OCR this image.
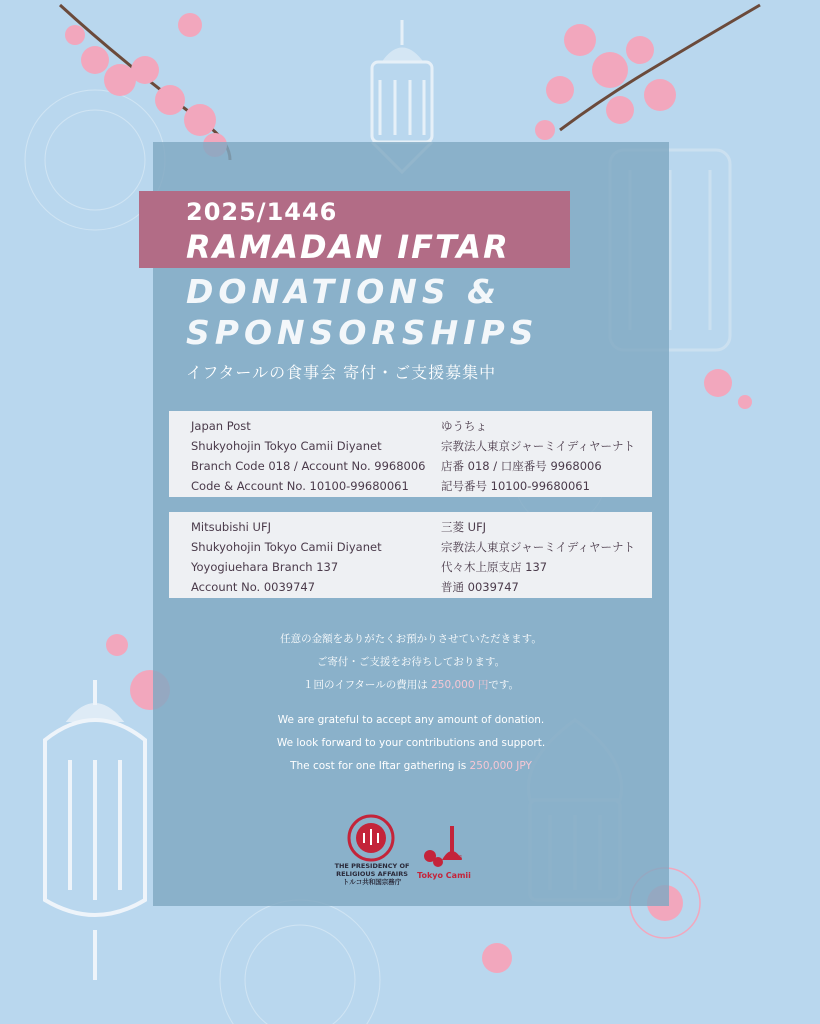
2025/1446
RAMADAN IFTAR
DONATIONS &
SPONSORSHIPS
イフタールの食事会 寄付・ご支援募集中
Japan Post
Shukyohojin Tokyo Camii Diyanet
Branch Code 018 / Account No. 9968006
Code & Account No. 10100-99680061
ゆうちょ
宗教法人東京ジャーミイディヤーナト
店番 018 / 口座番号 9968006
記号番号 10100-99680061
Mitsubishi UFJ
Shukyohojin Tokyo Camii Diyanet
Yoyogiuehara Branch 137
Account No. 0039747
三菱 UFJ
宗教法人東京ジャーミイディヤーナト
代々木上原支店 137
普通 0039747
任意の金額をありがたくお預かりさせていただきます。
ご寄付・ご支援をお待ちしております。
１回のイフタールの費用は 250,000 円です。
We are grateful to accept any amount of donation.
We look forward to your contributions and support.
The cost for one Iftar gathering is 250,000 JPY
THE PRESIDENCY OF
RELIGIOUS AFFAIRS
トルコ共和国宗務庁
25
Tokyo Camii
